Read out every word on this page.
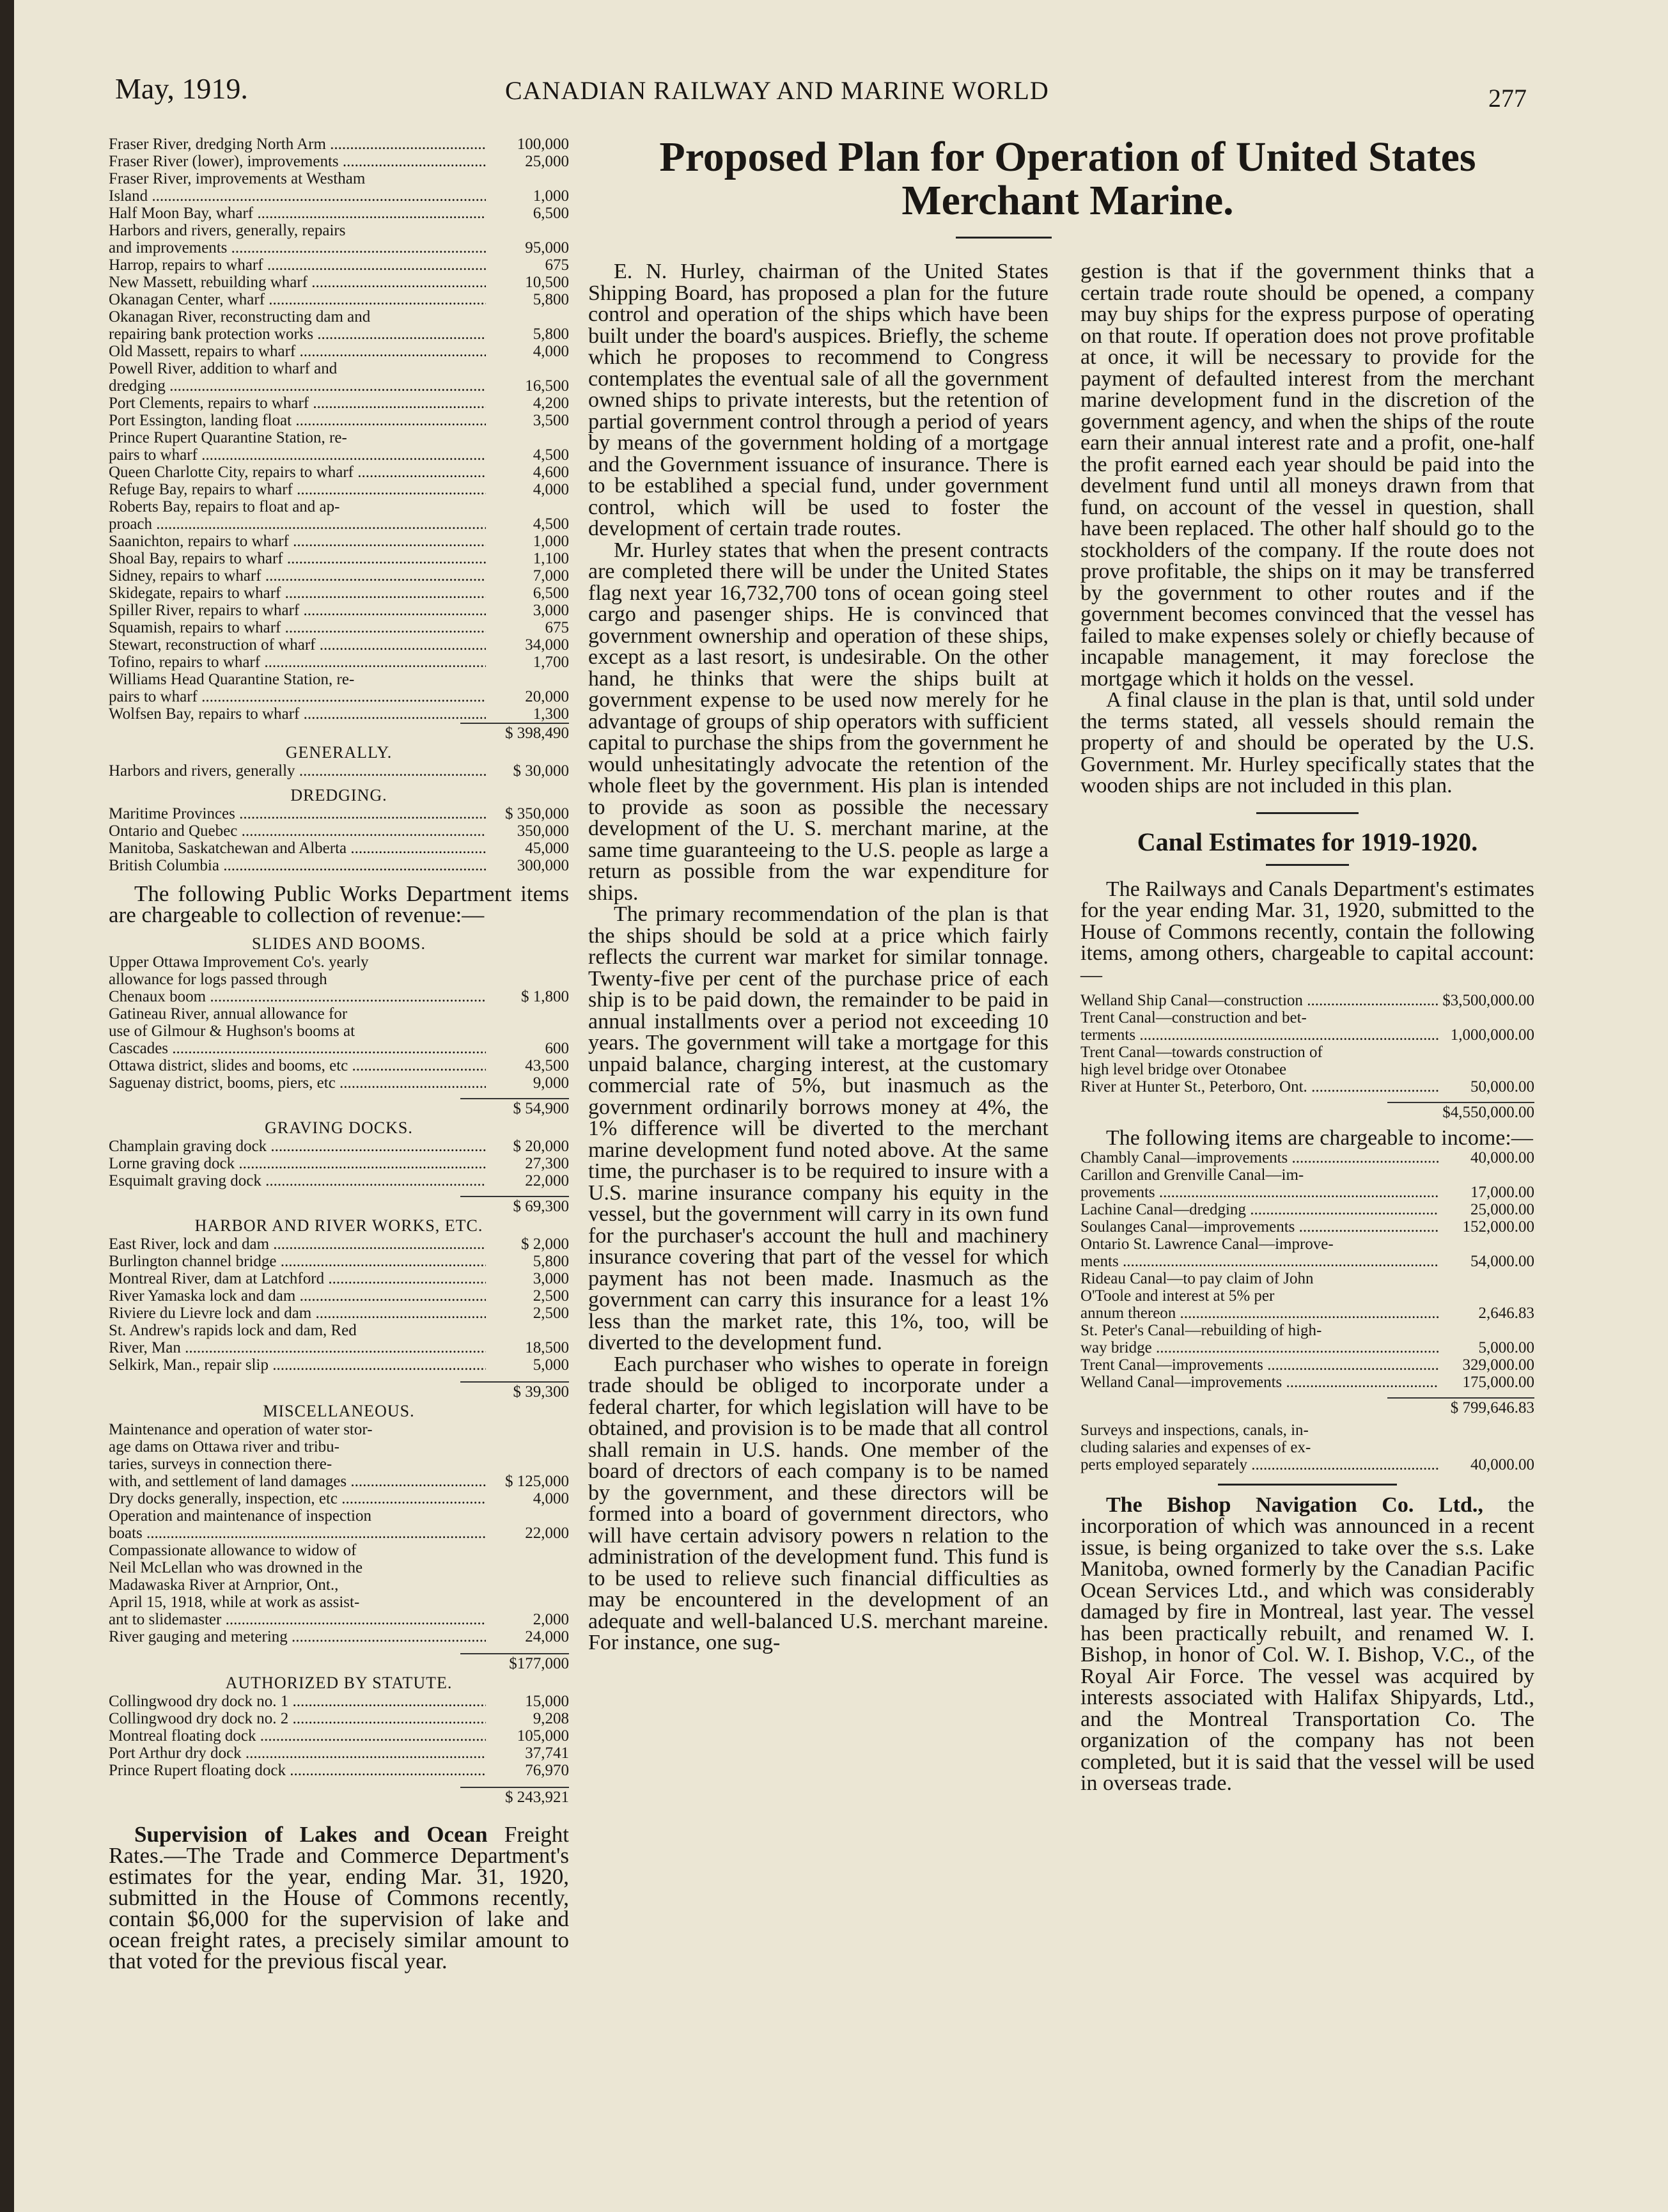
May, 1919.	CANADIAN RAILWAY AND MARINE WORLD	277
Fraser River, dredging North Arm .....	100,000
Fraser River (lower), improvements .....	25,000
Fraser River, improvements at Westham
Island .....	1,000
Half Moon Bay, wharf .....	6,500
Harbors and rivers, generally, repairs
and improvements .....	95,000
Harrop, repairs to wharf .....	675
New Massett, rebuilding wharf .....	10,500
Okanagan Center, wharf .....	5,800
Okanagan River, reconstructing dam and
repairing bank protection works .....	5,800
Old Massett, repairs to wharf .....	4,000
Powell River, addition to wharf and
dredging .....	16,500
Port Clements, repairs to wharf .....	4,200
Port Essington, landing float .....	3,500
Prince Rupert Quarantine Station, re-
pairs to wharf .....	4,500
Queen Charlotte City, repairs to wharf .....	4,600
Refuge Bay, repairs to wharf .....	4,000
Roberts Bay, repairs to float and ap-
proach .....	4,500
Saanichton, repairs to wharf .....	1,000
Shoal Bay, repairs to wharf .....	1,100
Sidney, repairs to wharf .....	7,000
Skidegate, repairs to wharf .....	6,500
Spiller River, repairs to wharf .....	3,000
Squamish, repairs to wharf .....	675
Stewart, reconstruction of wharf .....	34,000
Tofino, repairs to wharf .....	1,700
Williams Head Quarantine Station, re-
pairs to wharf .....	20,000
Wolfsen Bay, repairs to wharf .....	1,300
$ 398,490
GENERALLY.
Harbors and rivers, generally .....	$ 30,000
DREDGING.
Maritime Provinces .....	$ 350,000
Ontario and Quebec .....	350,000
Manitoba, Saskatchewan and Alberta .....	45,000
British Columbia .....	300,000
The following Public Works Department items are chargeable to collection of revenue:—
SLIDES AND BOOMS.
Upper Ottawa Improvement Co's. yearly
allowance for logs passed through
Chenaux boom .....	$ 1,800
Gatineau River, annual allowance for
use of Gilmour & Hughson's booms at
Cascades .....	600
Ottawa district, slides and booms, etc .....	43,500
Saguenay district, booms, piers, etc .....	9,000
$ 54,900
GRAVING DOCKS.
Champlain graving dock .....	$ 20,000
Lorne graving dock .....	27,300
Esquimalt graving dock .....	22,000
$ 69,300
HARBOR AND RIVER WORKS, ETC.
East River, lock and dam .....	$ 2,000
Burlington channel bridge .....	5,800
Montreal River, dam at Latchford .....	3,000
River Yamaska lock and dam .....	2,500
Riviere du Lievre lock and dam .....	2,500
St. Andrew's rapids lock and dam, Red
River, Man .....	18,500
Selkirk, Man., repair slip .....	5,000
$ 39,300
MISCELLANEOUS.
Maintenance and operation of water stor-
age dams on Ottawa river and tribu-
taries, surveys in connection there-
with, and settlement of land damages .....	$ 125,000
Dry docks generally, inspection, etc .....	4,000
Operation and maintenance of inspection
boats .....	22,000
Compassionate allowance to widow of
Neil McLellan who was drowned in the
Madawaska River at Arnprior, Ont.,
April 15, 1918, while at work as assist-
ant to slidemaster .....	2,000
River gauging and metering .....	24,000
$177,000
AUTHORIZED BY STATUTE.
Collingwood dry dock no. 1 .....	15,000
Collingwood dry dock no. 2 .....	9,208
Montreal floating dock .....	105,000
Port Arthur dry dock .....	37,741
Prince Rupert floating dock .....	76,970
$ 243,921
Supervision of Lakes and Ocean Freight Rates.—The Trade and Commerce Department's estimates for the year, ending Mar. 31, 1920, submitted in the House of Commons recently, contain $6,000 for the supervision of lake and ocean freight rates, a precisely similar amount to that voted for the previous fiscal year.
Proposed Plan for Operation of United States Merchant Marine.

E. N. Hurley, chairman of the United States Shipping Board, has proposed a plan for the future control and operation of the ships which have been built under the board's auspices. Briefly, the scheme which he proposes to recommend to Congress contemplates the eventual sale of all the government owned ships to private interests, but the retention of partial government control through a period of years by means of the government holding of a mortgage and the Government issuance of insurance. There is to be establihed a special fund, under government control, which will be used to foster the development of certain trade routes.

Mr. Hurley states that when the present contracts are completed there will be under the United States flag next year 16,732,700 tons of ocean going steel cargo and pasenger ships. He is convinced that government ownership and operation of these ships, except as a last resort, is undesirable. On the other hand, he thinks that were the ships built at government expense to be used now merely for he advantage of groups of ship operators with sufficient capital to purchase the ships from the government he would unhesitatingly advocate the retention of the whole fleet by the government. His plan is intended to provide as soon as possible the necessary development of the U. S. merchant marine, at the same time guaranteeing to the U.S. people as large a return as possible from the war expenditure for ships.

The primary recommendation of the plan is that the ships should be sold at a price which fairly reflects the current war market for similar tonnage. Twenty-five per cent of the purchase price of each ship is to be paid down, the remainder to be paid in annual installments over a period not exceeding 10 years. The government will take a mortgage for this unpaid balance, charging interest, at the customary commercial rate of 5%, but inasmuch as the government ordinarily borrows money at 4%, the 1% difference will be diverted to the merchant marine development fund noted above. At the same time, the purchaser is to be required to insure with a U.S. marine insurance company his equity in the vessel, but the government will carry in its own fund for the purchaser's account the hull and machinery insurance covering that part of the vessel for which payment has not been made. Inasmuch as the government can carry this insurance for a least 1% less than the market rate, this 1%, too, will be diverted to the development fund.

Each purchaser who wishes to operate in foreign trade should be obliged to incorporate under a federal charter, for which legislation will have to be obtained, and provision is to be made that all control shall remain in U.S. hands. One member of the board of drectors of each company is to be named by the government, and these directors will be formed into a board of government directors, who will have certain advisory powers n relation to the administration of the development fund. This fund is to be used to relieve such financial difficulties as may be encountered in the development of an adequate and well-balanced U.S. merchant mareine. For instance, one sug-

gestion is that if the government thinks that a certain trade route should be opened, a company may buy ships for the express purpose of operating on that route. If operation does not prove profitable at once, it will be necessary to provide for the payment of defaulted interest from the merchant marine development fund in the discretion of the government agency, and when the ships of the route earn their annual interest rate and a profit, one-half the profit earned each year should be paid into the develment fund until all moneys drawn from that fund, on account of the vessel in question, shall have been replaced. The other half should go to the stockholders of the company. If the route does not prove profitable, the ships on it may be transferred by the government to other routes and if the government becomes convinced that the vessel has failed to make expenses solely or chiefly because of incapable management, it may foreclose the mortgage which it holds on the vessel.

A final clause in the plan is that, until sold under the terms stated, all vessels should remain the property of and should be operated by the U.S. Government. Mr. Hurley specifically states that the wooden ships are not included in this plan.

Canal Estimates for 1919-1920.

The Railways and Canals Department's estimates for the year ending Mar. 31, 1920, submitted to the House of Commons recently, contain the following items, among others, chargeable to capital account:—

Welland Ship Canal—construction .....	$3,500,000.00
Trent Canal—construction and bet-
terments .....	1,000,000.00
Trent Canal—towards construction of
high level bridge over Otonabee
River at Hunter St., Peterboro, Ont. .....	50,000.00
$4,550,000.00

The following items are chargeable to income:—

Chambly Canal—improvements .....	40,000.00
Carillon and Grenville Canal—im-
provements .....	17,000.00
Lachine Canal—dredging .....	25,000.00
Soulanges Canal—improvements .....	152,000.00
Ontario St. Lawrence Canal—improve-
ments .....	54,000.00
Rideau Canal—to pay claim of John
O'Toole and interest at 5% per
annum thereon .....	2,646.83
St. Peter's Canal—rebuilding of high-
way bridge .....	5,000.00
Trent Canal—improvements .....	329,000.00
Welland Canal—improvements .....	175,000.00
$ 799,646.83
Surveys and inspections, canals, in-
cluding salaries and expenses of ex-
perts employed separately .....	40,000.00

The Bishop Navigation Co. Ltd., the incorporation of which was announced in a recent issue, is being organized to take over the s.s. Lake Manitoba, owned formerly by the Canadian Pacific Ocean Services Ltd., and which was considerably damaged by fire in Montreal, last year. The vessel has been practically rebuilt, and renamed W. I. Bishop, in honor of Col. W. I. Bishop, V.C., of the Royal Air Force. The vessel was acquired by interests associated with Halifax Shipyards, Ltd., and the Montreal Transportation Co. The organization of the company has not been completed, but it is said that the vessel will be used in overseas trade.
